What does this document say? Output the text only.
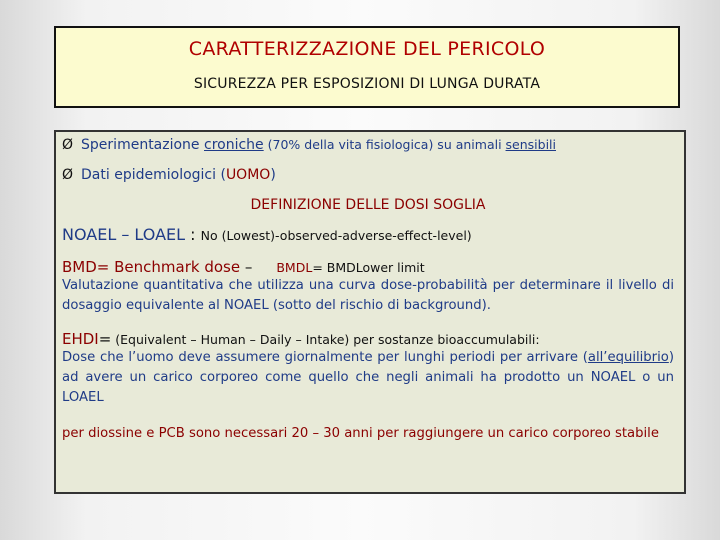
CARATTERIZZAZIONE DEL PERICOLO
SICUREZZA PER ESPOSIZIONI DI LUNGA DURATA
Ø Sperimentazione croniche (70% della vita fisiologica) su animali sensibili
Ø Dati epidemiologici (UOMO)
DEFINIZIONE DELLE DOSI SOGLIA
NOAEL – LOAEL : No (Lowest)-observed-adverse-effect-level)
BMD= Benchmark dose – BMDL= BMDLower limit
Valutazione quantitativa che utilizza una curva dose-probabilità per determinare il livello di dosaggio equivalente al NOAEL (sotto del rischio di background).
EHDI= (Equivalent – Human – Daily – Intake) per sostanze bioaccumulabili:
Dose che l’uomo deve assumere giornalmente per lunghi periodi per arrivare (all’equilibrio) ad avere un carico corporeo come quello che negli animali ha prodotto un NOAEL o un LOAEL
per diossine e PCB sono necessari 20 – 30 anni per raggiungere un carico corporeo stabile
